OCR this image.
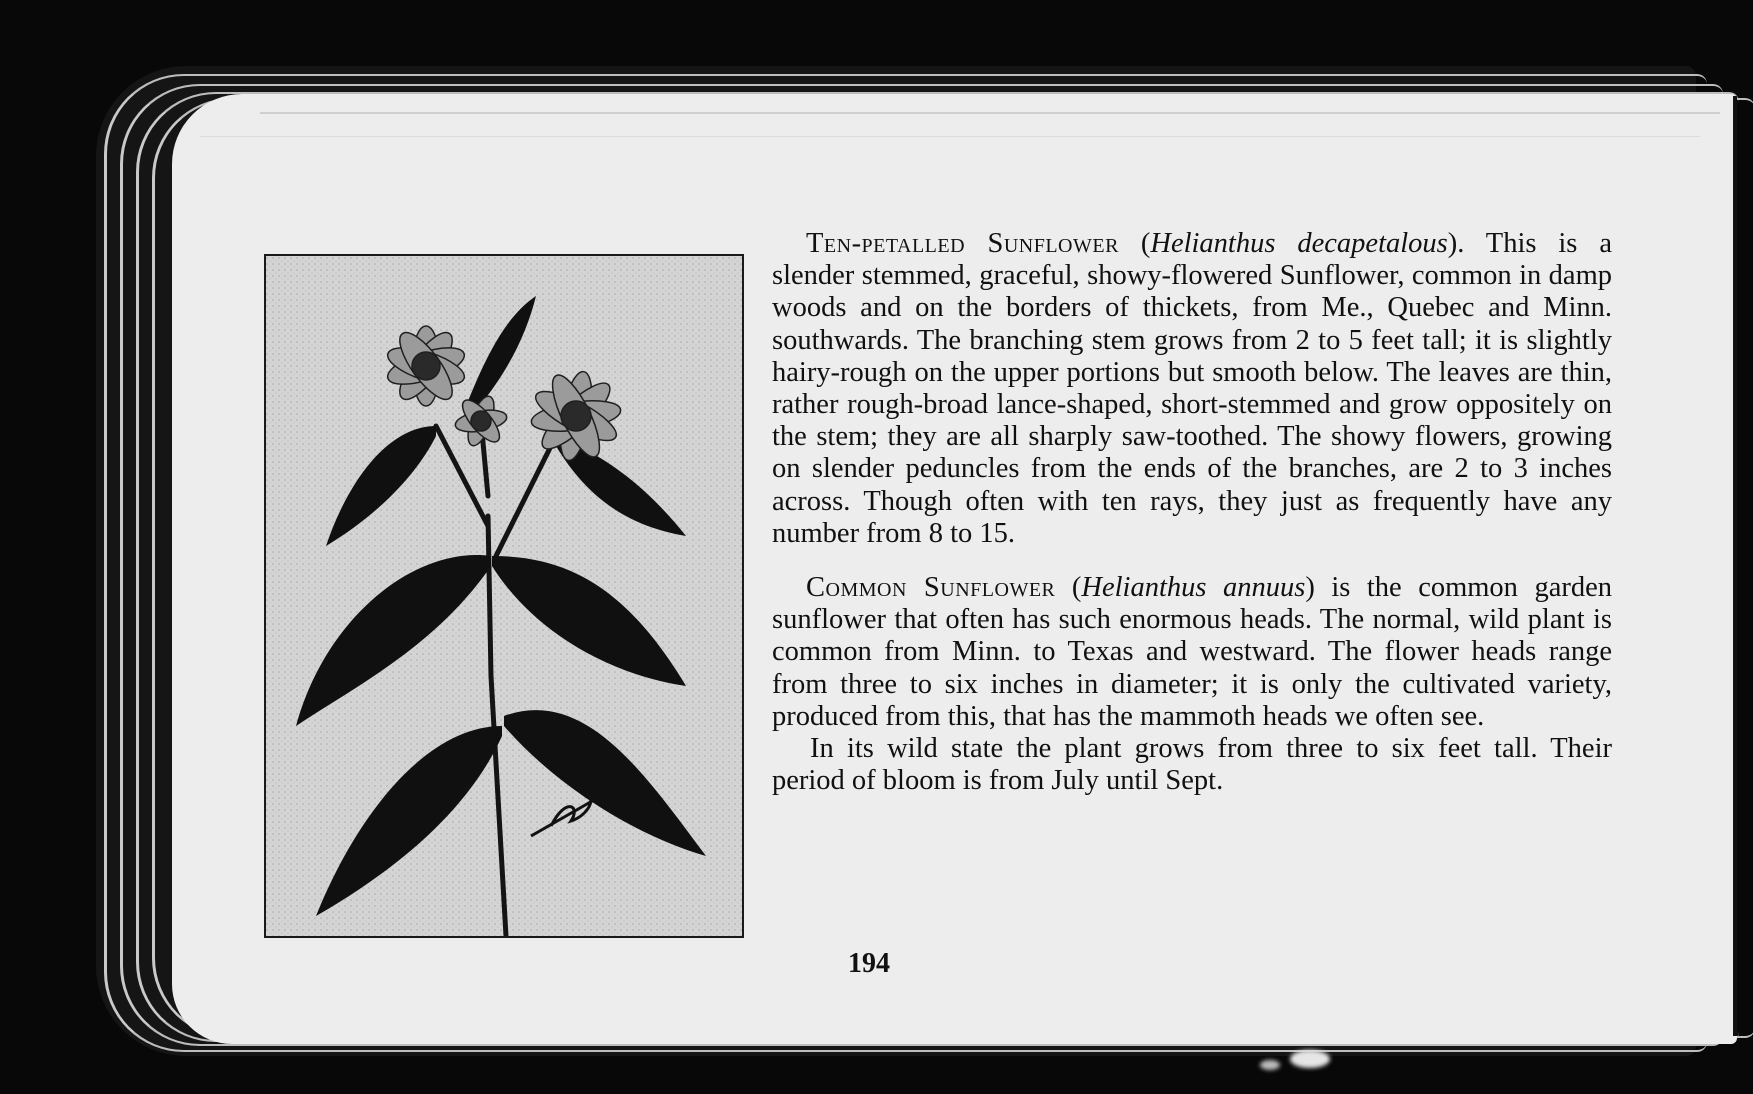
Ten-petalled Sunflower (Helianthus decapetalous). This is a slender stemmed, graceful, showy-flowered Sunflower, common in damp woods and on the borders of thickets, from Me., Quebec and Minn. southwards. The branching stem grows from 2 to 5 feet tall; it is slightly hairy-rough on the upper portions but smooth below. The leaves are thin, rather rough-broad lance-shaped, short-stemmed and grow oppositely on the stem; they are all sharply saw-toothed. The showy flowers, growing on slender peduncles from the ends of the branches, are 2 to 3 inches across. Though often with ten rays, they just as frequently have any number from 8 to 15.

Common Sunflower (Helianthus annuus) is the common garden sunflower that often has such enormous heads. The normal, wild plant is common from Minn. to Texas and westward. The flower heads range from three to six inches in diameter; it is only the cultivated variety, produced from this, that has the mammoth heads we often see.

In its wild state the plant grows from three to six feet tall. Their period of bloom is from July until Sept.

194
